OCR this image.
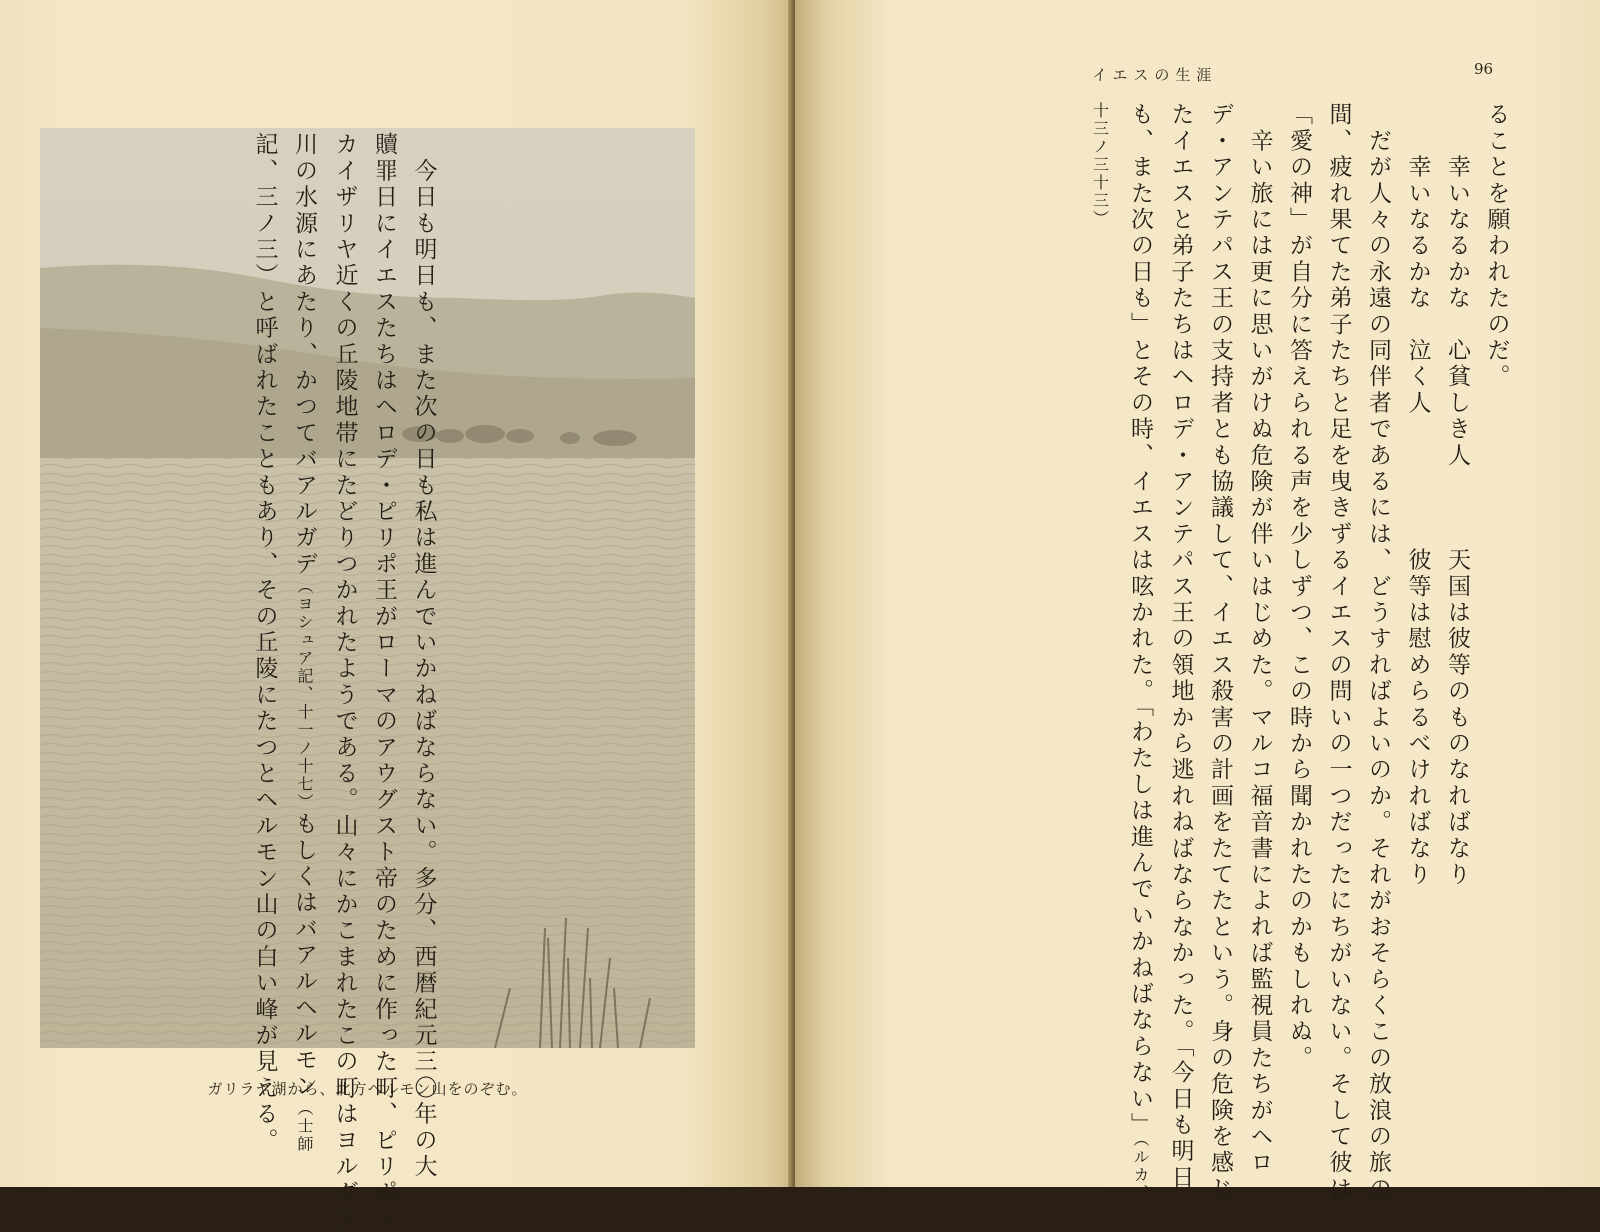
ガリラヤ湖から、北方ヘルモン山をのぞむ。

　今日も明日も、また次の日も私は進んでいかねばならない。多分、西暦紀元三〇年の大

贖罪日にイエスたちはヘロデ・ピリポ王がローマのアウグスト帝のために作った町、ピリポ・

カイザリヤ近くの丘陵地帯にたどりつかれたようである。山々にかこまれたこの町はヨルダン

川の水源にあたり、かつてバアルガデ（ヨシュア記、十一ノ十七）もしくはバアルヘルモン（士師

記、三ノ三）と呼ばれたこともあり、その丘陵にたつとヘルモン山の白い峰が見える。

イエスの生涯	96

ることを願われたのだ。

　　幸いなるかな　心貧しき人　　　天国は彼等のものなればなり

　　幸いなるかな　泣く人　　　　　彼等は慰めらるべければなり

　だが人々の永遠の同伴者であるには、どうすればよいのか。それがおそらくこの放浪の旅の

間、疲れ果てた弟子たちと足を曳きずるイエスの問いの一つだったにちがいない。そして彼は

「愛の神」が自分に答えられる声を少しずつ、この時から聞かれたのかもしれぬ。

　辛い旅には更に思いがけぬ危険が伴いはじめた。マルコ福音書によれば監視員たちがヘロ

デ・アンテパス王の支持者とも協議して、イエス殺害の計画をたてたという。身の危険を感じ

たイエスと弟子たちはヘロデ・アンテパス王の領地から逃れねばならなかった。「今日も明日

も、また次の日も」とその時、イエスは呟かれた。「わたしは進んでいかねばならない」（ルカ、

十三ノ三十三）
